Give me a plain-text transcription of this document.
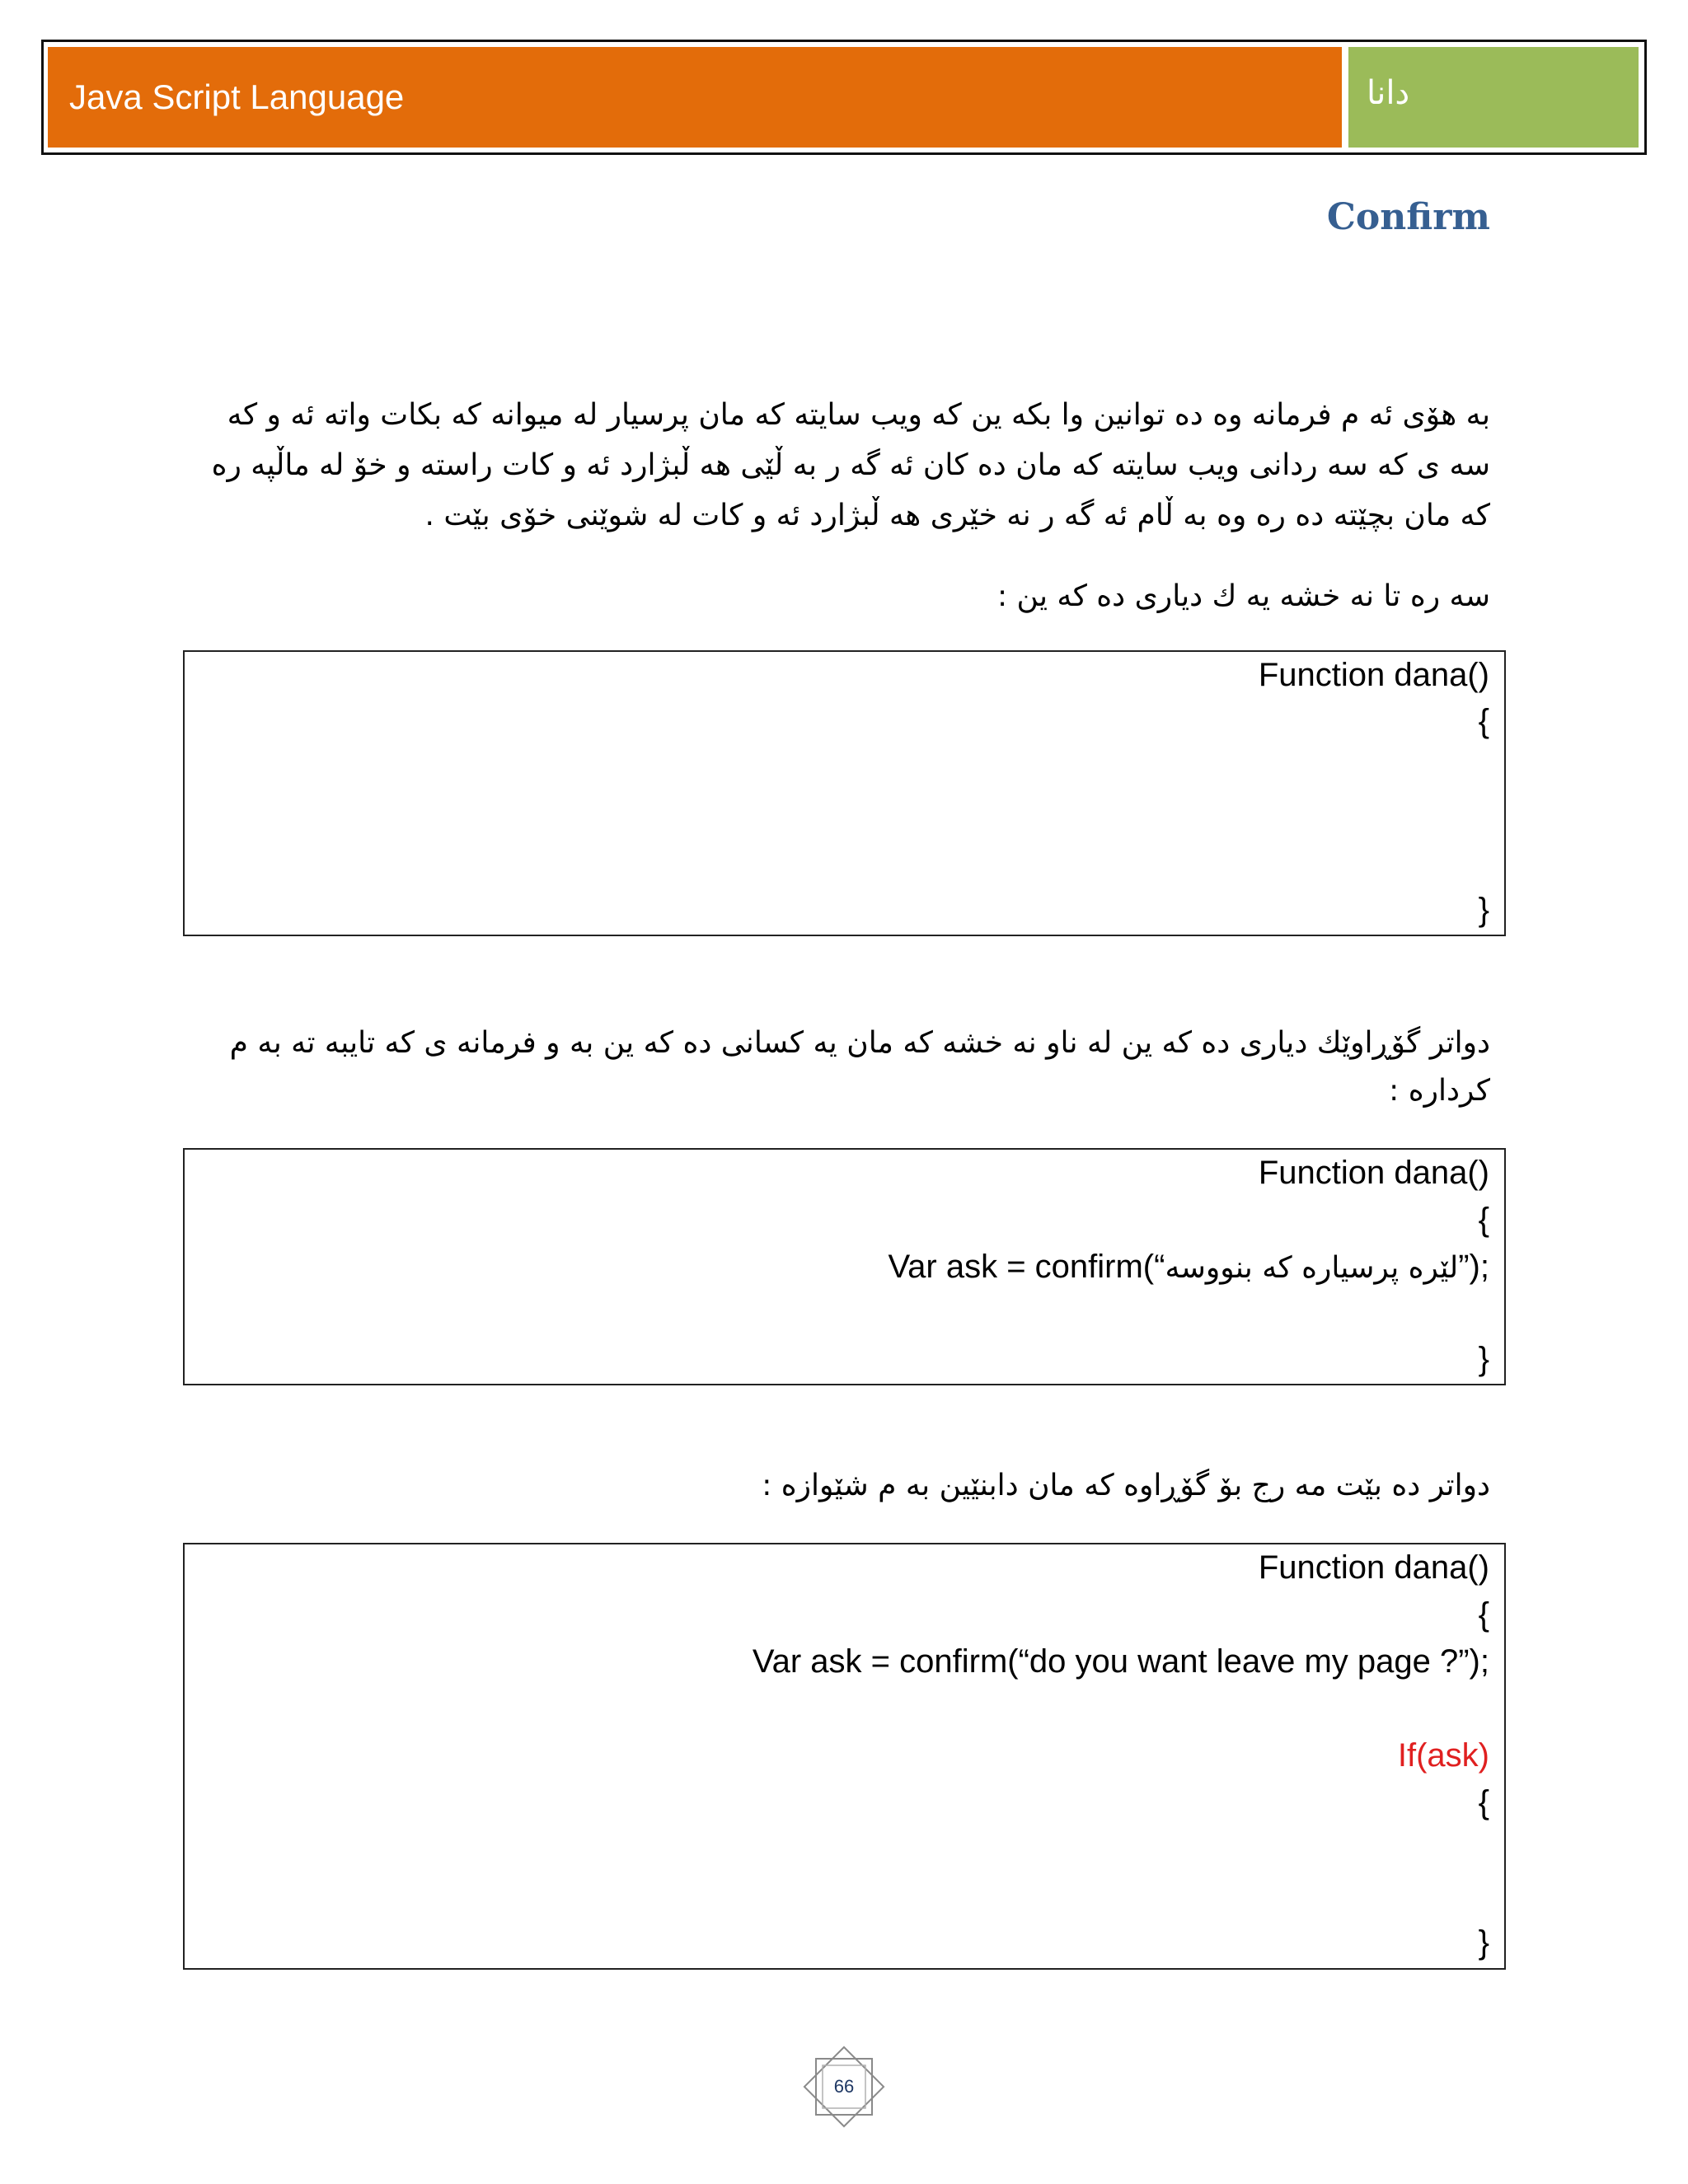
Java Script Language	دانا
Confirm
به هۆی ئه م فرمانه وه ده توانین وا بكه ین كه ویب سایته كه مان پرسیار له میوانه كه بكات واته ئه و كه سه ی كه سه ردانی ویب سایته كه مان ده كان ئه گه ر به ڵێی هه ڵبژارد ئه و كات راسته و خۆ له ماڵپه ره كه مان بچێته ده ره وه به ڵام ئه گه ر نه خێری هه ڵبژارد ئه و كات له شوێنی خۆی بێت .
سه ره تا نه خشه یه ك دیاری ده كه ین :
Function dana()
{
}
دواتر گۆڕاوێك دیاری ده كه ین له ناو نه خشه كه مان یه كسانی ده كه ین به و فرمانه ی كه تایبه ته به م كرداره :
Function dana()
{
Var ask = confirm(“لێره پرسیاره كه بنووسه”);
}
دواتر ده بێت مه رج بۆ گۆڕاوه كه مان دابنێین به م شێوازه :
Function dana()
{
Var ask = confirm(“do you want leave my page ?”);
If(ask)
{
}
66
